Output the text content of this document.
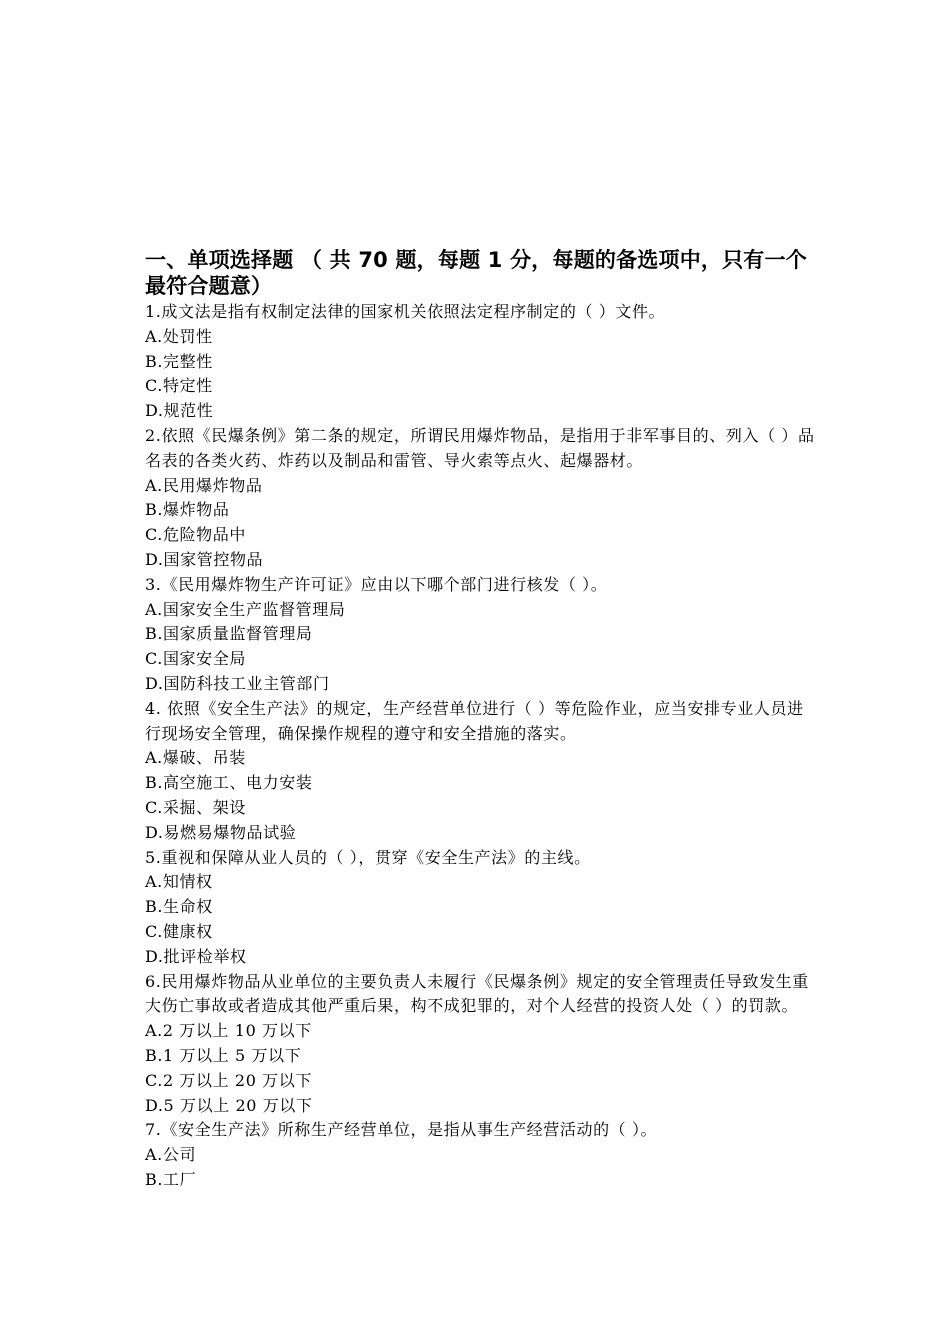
一、单项选择题 （ 共 70 题，每题 1 分，每题的备选项中，只有一个最符合题意）
1.成文法是指有权制定法律的国家机关依照法定程序制定的（ ）文件。
A.处罚性
B.完整性
C.特定性
D.规范性
2.依照《民爆条例》第二条的规定，所谓民用爆炸物品，是指用于非军事目的、列入（ ）品名表的各类火药、炸药以及制品和雷管、导火索等点火、起爆器材。
A.民用爆炸物品
B.爆炸物品
C.危险物品中
D.国家管控物品
3.《民用爆炸物生产许可证》应由以下哪个部门进行核发（ ）。
A.国家安全生产监督管理局
B.国家质量监督管理局
C.国家安全局
D.国防科技工业主管部门
4. 依照《安全生产法》的规定，生产经营单位进行（ ）等危险作业，应当安排专业人员进行现场安全管理，确保操作规程的遵守和安全措施的落实。
A.爆破、吊装
B.高空施工、电力安装
C.采掘、架设
D.易燃易爆物品试验
5.重视和保障从业人员的（ ），贯穿《安全生产法》的主线。
A.知情权
B.生命权
C.健康权
D.批评检举权
6.民用爆炸物品从业单位的主要负责人未履行《民爆条例》规定的安全管理责任导致发生重大伤亡事故或者造成其他严重后果，构不成犯罪的，对个人经营的投资人处（ ）的罚款。
A.2 万以上 10 万以下
B.1 万以上 5 万以下
C.2 万以上 20 万以下
D.5 万以上 20 万以下
7.《安全生产法》所称生产经营单位，是指从事生产经营活动的（ ）。
A.公司
B.工厂
